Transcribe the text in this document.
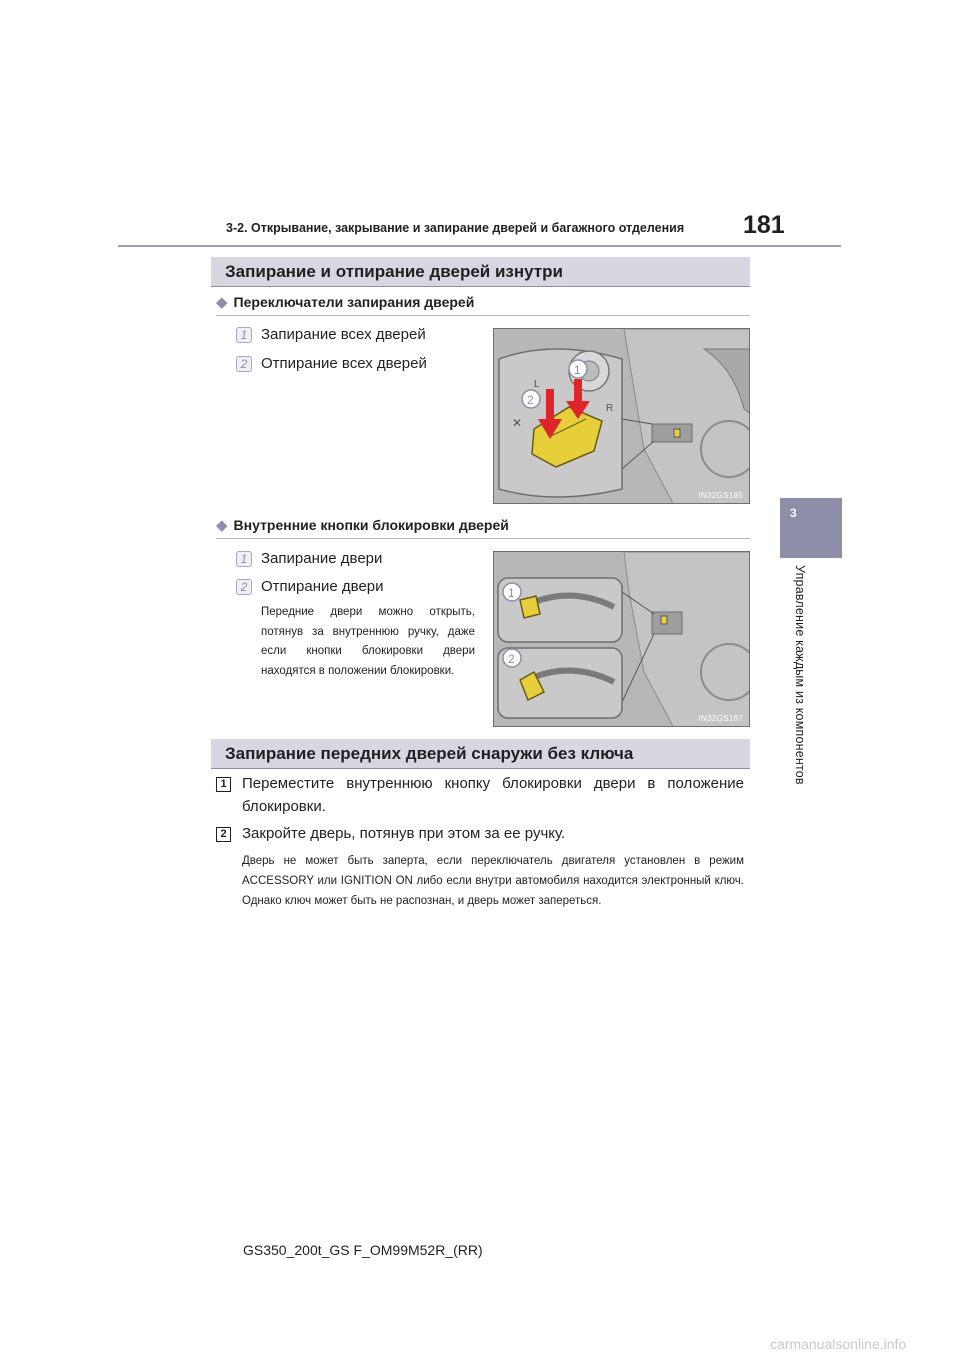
3-2. Открывание, закрывание и запирание дверей и багажного отделения 181
3
Управление каждым из компонентов
Запирание и отпирание дверей изнутри
◆ Переключатели запирания дверей
1 Запирание всех дверей
2 Отпирание всех дверей
L
R
✕
1
2
IN32GS185
◆ Внутренние кнопки блокировки дверей
1 Запирание двери
2 Отпирание двери
Передние двери можно открыть, потянув за внутреннюю ручку, даже если кнопки блокировки двери находятся в положении блокировки.
1
2
IN32GS187
Запирание передних дверей снаружи без ключа
1 Переместите внутреннюю кнопку блокировки двери в положение блокировки.
2 Закройте дверь, потянув при этом за ее ручку.
Дверь не может быть заперта, если переключатель двигателя установлен в режим ACCESSORY или IGNITION ON либо если внутри автомобиля находится электронный ключ. Однако ключ может быть не распознан, и дверь может запереться.
GS350_200t_GS F_OM99M52R_(RR)
carmanualsonline.info
